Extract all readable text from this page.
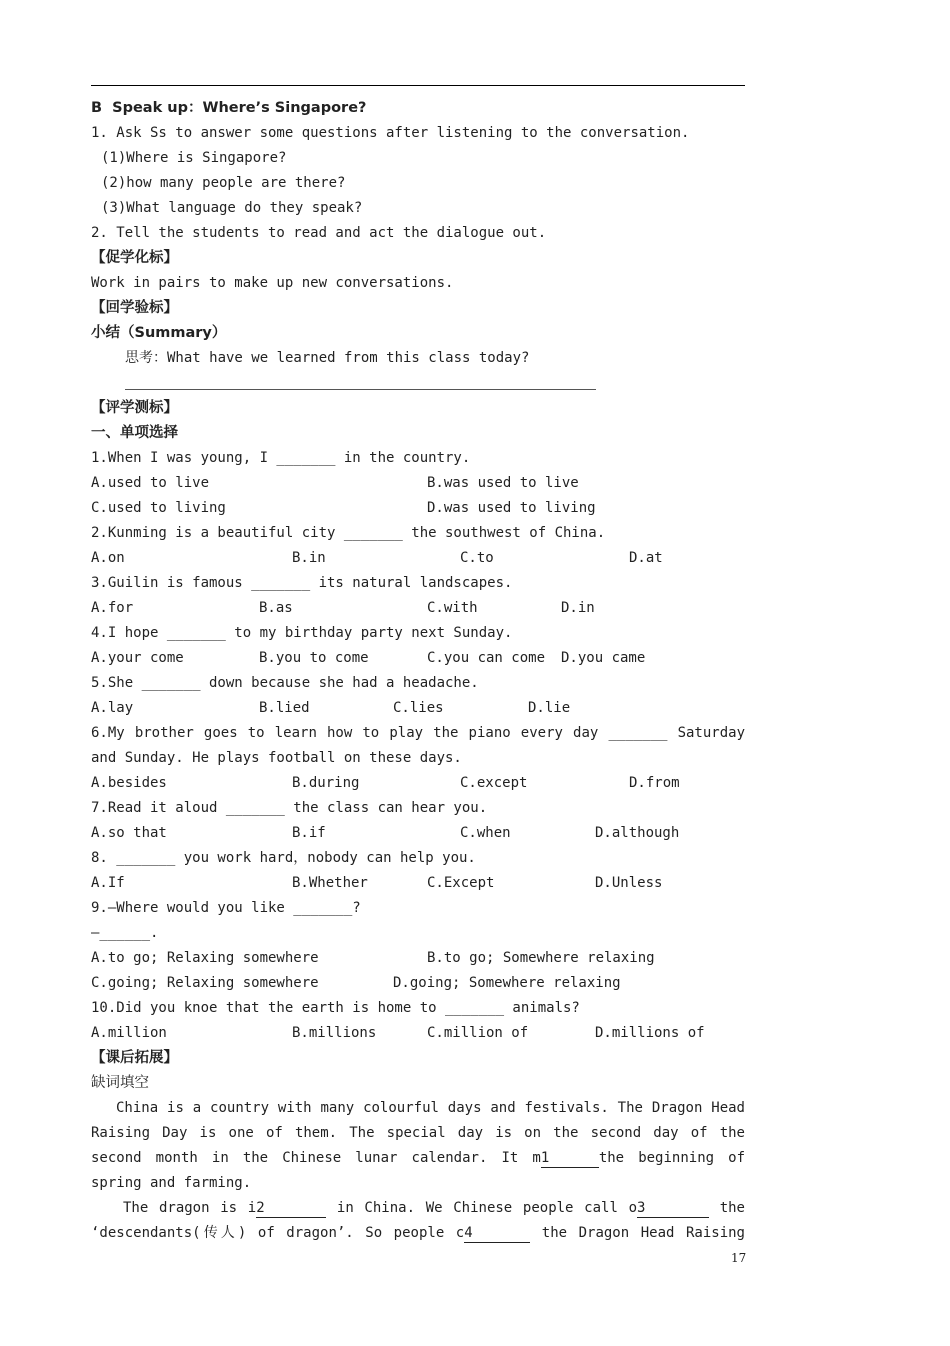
B  Speak up：Where’s Singapore?
1. Ask Ss to answer some questions after listening to the conversation.
(1)Where is Singapore?
(2)how many people are there?
(3)What language do they speak?
2. Tell the students to read and act the dialogue out.
【促学化标】
Work in pairs to make up new conversations.
【回学验标】
小结（Summary）
思考：What have we learned from this class today?
【评学测标】
一、单项选择
1.When I was young, I _______ in the country.
A.used to live	B.was used to live
C.used to living	D.was used to living
2.Kunming is a beautiful city _______ the southwest of China.
A.on	B.in	C.to	D.at
3.Guilin is famous _______ its natural landscapes.
A.for	B.as	C.with	D.in
4.I hope _______ to my birthday party next Sunday.
A.your come	B.you to come	C.you can come D.you came
5.She _______ down because she had a headache.
A.lay	B.lied	C.lies	D.lie
6.My brother goes to learn how to play the piano every day _______ Saturday
and Sunday. He plays football on these days.
A.besides	B.during	C.except	D.from
7.Read it aloud _______ the class can hear you.
A.so that	B.if	C.when	D.although
8. _______ you work hard，nobody can help you.
A.If	B.Whether	C.Except	D.Unless
9.—Where would you like _______?
—______.
A.to go; Relaxing somewhere	B.to go; Somewhere relaxing
C.going; Relaxing somewhere	D.going; Somewhere relaxing
10.Did you knoe that the earth is home to _______ animals?
A.million	B.millions	C.million of	D.millions of
【课后拓展】
缺词填空
China is a country with many colourful days and festivals. The Dragon Head
Raising Day is one of them. The special day is on the second day of the
second month in the Chinese lunar calendar. It m1	the beginning of
spring and farming.
The dragon is i2	in China. We Chinese people call o3	the
‘descendants(传人) of dragon’. So people c4	the Dragon Head Raising
17
